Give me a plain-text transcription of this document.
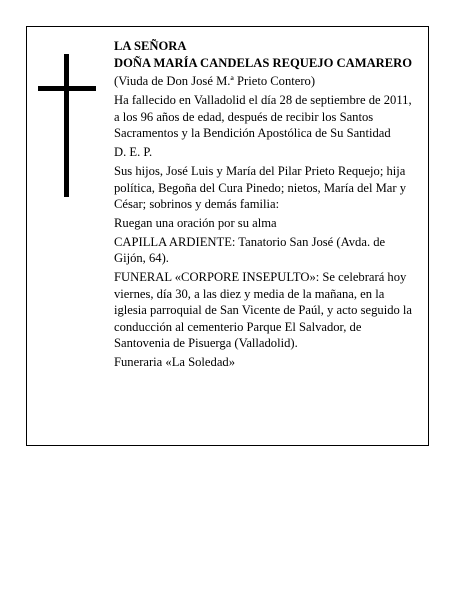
LA SEÑORA

DOÑA MARÍA CANDELAS REQUEJO CAMARERO

(Viuda de Don José M.ª Prieto Contero)

Ha fallecido en Valladolid el día 28 de septiembre de 2011, a los 96 años de edad, después de recibir los Santos Sacramentos y la Bendición Apostólica de Su Santidad

D. E. P.

Sus hijos, José Luis y María del Pilar Prieto Requejo; hija política, Begoña del Cura Pinedo; nietos, María del Mar y César; sobrinos y demás familia:

Ruegan una oración por su alma

CAPILLA ARDIENTE: Tanatorio San José (Avda. de Gijón, 64).

FUNERAL «CORPORE INSEPULTO»: Se celebrará hoy viernes, día 30, a las diez y media de la mañana, en la iglesia parroquial de San Vicente de Paúl, y acto seguido la conducción al cementerio Parque El Salvador, de Santovenia de Pisuerga (Valladolid).

Funeraria «La Soledad»
